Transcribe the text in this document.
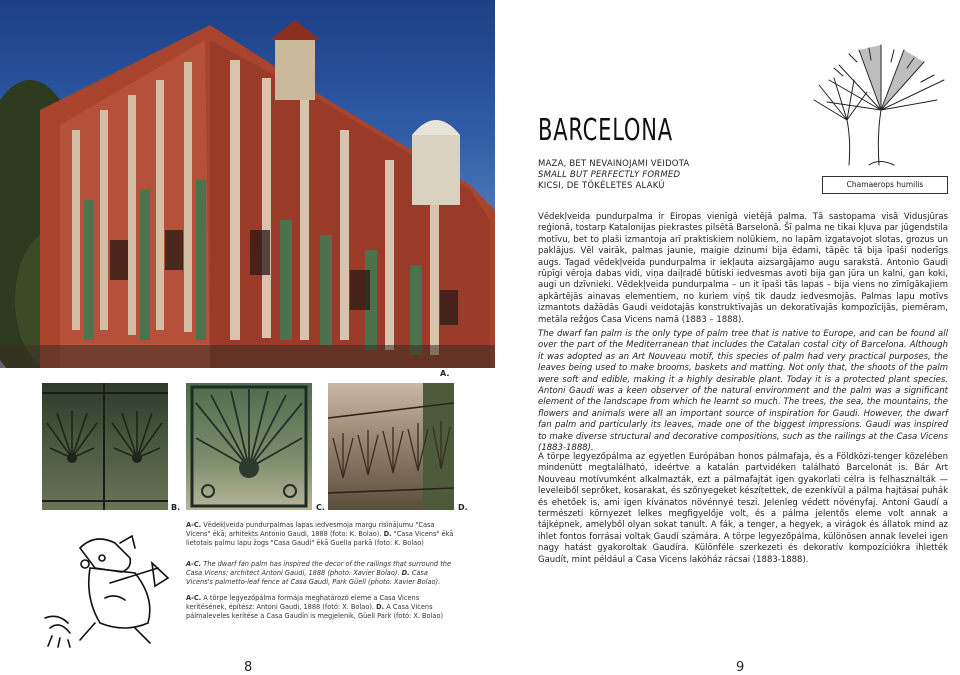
A.
B.	C.	D.
A-C. Vēdekļveida pundurpalmas lapas iedvesmoja margu risinājumu "Casa Vicens" ēkā; arhitekts Antonio Gaudi, 1888 (foto: K. Bolao). D. "Casa Vicens" ēkā lietotais palmu lapu žogs "Casa Gaudi" ēkā Guella parkā (foto: K. Bolao)
A-C. The dwarf fan palm has inspired the decor of the railings that surround the Casa Vicens; architect Antoni Gaudi, 1888 (photo: Xavier Bolao). D. Casa Vicens's palmetto-leaf fence at Casa Gaudi, Park Güell (photo: Xavier Bolao).
A-C. A törpe legyezőpálma formája meghatározó eleme a Casa Vicens kerítésének, építész: Antoni Gaudi, 1888 (fotó: X. Bolao). D. A Casa Vicens pálmaleveles kerítése a Casa Gaudín is megjelenik, Güell Park (fotó: X. Bolao)
8
Chamaerops humilis
BARCELONA
MAZA, BET NEVAINOJAMI VEIDOTA
SMALL BUT PERFECTLY FORMED
KICSI, DE TÖKÉLETES ALAKÚ
Vēdekļveida pundurpalma ir Eiropas vienīgā vietējā palma. Tā sastopama visā Vidusjūras reģionā, tostarp Katalonijas piekrastes pilsētā Barselonā. Šī palma ne tikai kļuva par jūgendstila motīvu, bet to plaši izmantoja arī praktiskiem nolūkiem, no lapām izgatavojot slotas, grozus un paklājus. Vēl vairāk, palmas jaunie, maigie dzinumi bija ēdami, tāpēc tā bija īpaši noderīgs augs. Tagad vēdekļveida pundurpalma ir iekļauta aizsargājamo augu sarakstā. Antonio Gaudi rūpīgi vēroja dabas vidi, viņa daiļradē būtiski iedvesmas avoti bija gan jūra un kalni, gan koki, augi un dzīvnieki. Vēdekļveida pundurpalma – un it īpaši tās lapas – bija viens no zīmīgākajiem apkārtējās ainavas elementiem, no kuriem viņš tik daudz iedvesmojās. Palmas lapu motīvs izmantots dažādās Gaudi veidotajās konstruktīvajās un dekoratīvajās kompozīcijās, piemēram, metāla režģos Casa Vicens namā (1883 – 1888).
The dwarf fan palm is the only type of palm tree that is native to Europe, and can be found all over the part of the Mediterranean that includes the Catalan costal city of Barcelona. Although it was adopted as an Art Nouveau motif, this species of palm had very practical purposes, the leaves being used to make brooms, baskets and matting. Not only that, the shoots of the palm were soft and edible, making it a highly desirable plant. Today it is a protected plant species. Antoni Gaudi was a keen observer of the natural environment and the palm was a significant element of the landscape from which he learnt so much. The trees, the sea, the mountains, the flowers and animals were all an important source of inspiration for Gaudi. However, the dwarf fan palm and particularly its leaves, made one of the biggest impressions. Gaudi was inspired to make diverse structural and decorative compositions, such as the railings at the Casa Vicens (1883-1888).
A törpe legyezőpálma az egyetlen Európában honos pálmafaja, és a Földközi-tenger közelében mindenütt megtalálható, ideértve a katalán partvidéken található Barcelonát is. Bár Art Nouveau motívumként alkalmazták, ezt a pálmafajtát igen gyakorlati célra is felhasználták — leveleiből seprőket, kosarakat, és szőnyegeket készítettek, de ezenkívül a pálma hajtásai puhák és ehetőek is, ami igen kívánatos növénnyé teszi. Jelenleg védett növényfaj. Antoni Gaudí a természeti környezet lelkes megfigyelője volt, és a pálma jelentős eleme volt annak a tájképnek, amelyből olyan sokat tanult. A fák, a tenger, a hegyek, a virágok és állatok mind az ihlet fontos forrásai voltak Gaudí számára. A törpe legyezőpálma, különösen annak levelei igen nagy hatást gyakoroltak Gaudíra. Különféle szerkezeti és dekoratív kompozíciókra ihlették Gaudít, mint például a Casa Vicens lakóház rácsai (1883-1888).
9
